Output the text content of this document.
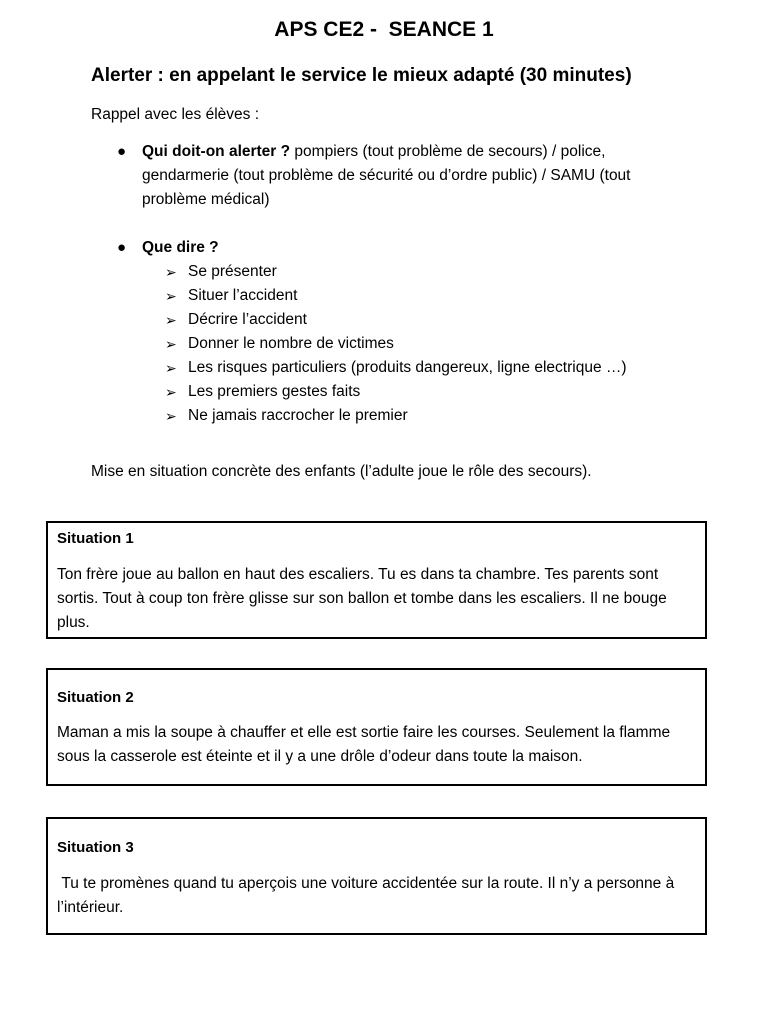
APS CE2 -  SEANCE 1
Alerter : en appelant le service le mieux adapté (30 minutes)
Rappel avec les élèves :
● Qui doit-on alerter ? pompiers (tout problème de secours) / police, gendarmerie (tout problème de sécurité ou d’ordre public) / SAMU (tout problème médical)
● Que dire ?
➢ Se présenter
➢ Situer l’accident
➢ Décrire l’accident
➢ Donner le nombre de victimes
➢ Les risques particuliers (produits dangereux, ligne electrique …)
➢ Les premiers gestes faits
➢ Ne jamais raccrocher le premier
Mise en situation concrète des enfants (l’adulte joue le rôle des secours).
Situation 1
Ton frère joue au ballon en haut des escaliers. Tu es dans ta chambre. Tes parents sont sortis. Tout à coup ton frère glisse sur son ballon et tombe dans les escaliers. Il ne bouge plus.
Situation 2
Maman a mis la soupe à chauffer et elle est sortie faire les courses. Seulement la flamme sous la casserole est éteinte et il y a une drôle d’odeur dans toute la maison.
Situation 3
Tu te promènes quand tu aperçois une voiture accidentée sur la route. Il n’y a personne à l’intérieur.
